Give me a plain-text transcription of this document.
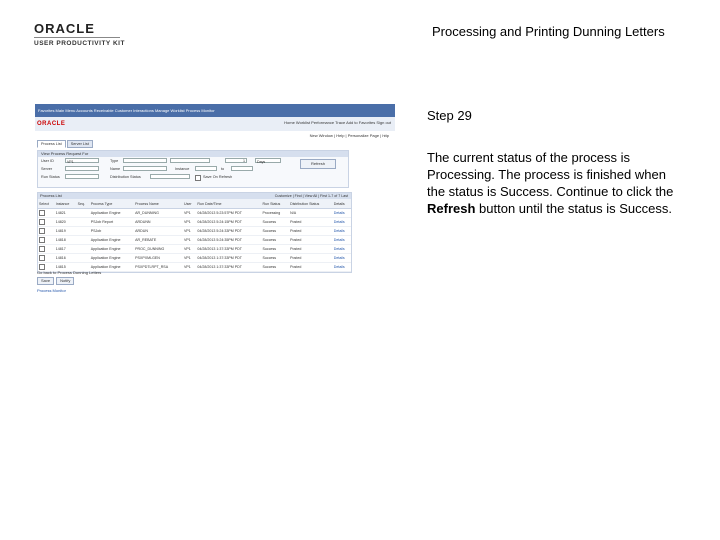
ORACLE
USER PRODUCTIVITY KIT
Processing and Printing Dunning Letters
Step 29
The current status of the process is Processing. The process is finished when the status is Success. Continue to click the Refresh button until the status is Success.
Favorites Main Menu Accounts Receivable Customer Interactions Manage Worklist Process Monitor
ORACLE	Home Worklist Performance Trace Add to Favorites Sign out
New Window | Help | Personalize Page | http
Process List	Server List
View Process Request For
User ID	VP1	Type	1	Days	Refresh
Server	Name	Instance	to
Run Status	Distribution Status	Save On Refresh
Process List	Customize | Find | View All | First 1-7 of 7 Last
Select	Instance	Seq.	Process Type	Process Name	User	Run Date/Time	Run Status	Distribution Status	Details
	14821		Application Engine	AR_DUNNING	VP1	04/28/2013 5:23:57PM PDT	Processing	N/A	Details
	14820		PSJob Report	ARDUNN	VP1	04/28/2013 5:24:15PM PDT	Success	Posted	Details
	14819		PSJob	ARDUN	VP1	04/28/2013 5:24:33PM PDT	Success	Posted	Details
	14818		Application Engine	AR_REBATE	VP1	04/28/2013 5:24:35PM PDT	Success	Posted	Details
	14817		Application Engine	PROC_DUNNING	VP1	04/28/2013 1:37:33PM PDT	Success	Posted	Details
	14816		Application Engine	PSXPXMLGEN	VP1	04/28/2013 1:37:33PM PDT	Success	Posted	Details
	14815		Application Engine	PSXPDTLRPT_RSA	VP1	04/28/2013 1:37:33PM PDT	Success	Posted	Details
Go back to Process Dunning Letters
Save	Notify
Process Monitor
